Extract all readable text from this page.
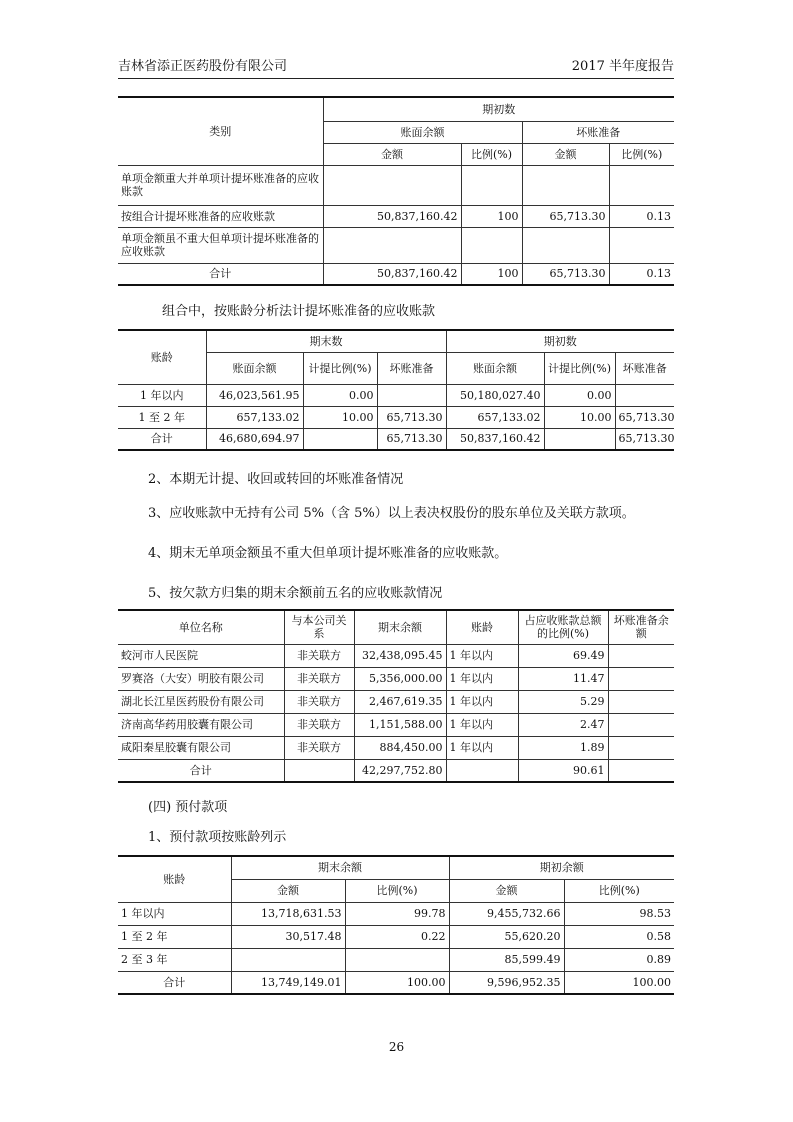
吉林省添正医药股份有限公司	2017 半年度报告
类别	期初数			
	账面余额		坏账准备	
	金额	比例(%)	金额	比例(%)
单项金额重大并单项计提坏账准备的应收账款				
按组合计提坏账准备的应收账款	50,837,160.42	100	65,713.30	0.13
单项金额虽不重大但单项计提坏账准备的应收账款				
合计	50,837,160.42	100	65,713.30	0.13
组合中，按账龄分析法计提坏账准备的应收账款
账龄	期末数			期初数		
	账面余额	计提比例(%)	坏账准备	账面余额	计提比例(%)	坏账准备
1 年以内	46,023,561.95	0.00		50,180,027.40	0.00	
1 至 2 年	657,133.02	10.00	65,713.30	657,133.02	10.00	65,713.30
合计	46,680,694.97		65,713.30	50,837,160.42		65,713.30
2、本期无计提、收回或转回的坏账准备情况
3、应收账款中无持有公司 5%（含 5%）以上表决权股份的股东单位及关联方款项。
4、期末无单项金额虽不重大但单项计提坏账准备的应收账款。
5、按欠款方归集的期末余额前五名的应收账款情况
单位名称	与本公司关系	期末余额	账龄	占应收账款总额的比例(%)	坏账准备余额
蛟河市人民医院	非关联方	32,438,095.45	1 年以内	69.49	
罗赛洛（大安）明胶有限公司	非关联方	5,356,000.00	1 年以内	11.47	
湖北长江星医药股份有限公司	非关联方	2,467,619.35	1 年以内	5.29	
济南高华药用胶囊有限公司	非关联方	1,151,588.00	1 年以内	2.47	
咸阳秦星胶囊有限公司	非关联方	884,450.00	1 年以内	1.89	
合计		42,297,752.80		90.61	
(四) 预付款项
1、预付款项按账龄列示
账龄	期末余额		期初余额	
	金额	比例(%)	金额	比例(%)
1 年以内	13,718,631.53	99.78	9,455,732.66	98.53
1 至 2 年	30,517.48	0.22	55,620.20	0.58
2 至 3 年			85,599.49	0.89
合计	13,749,149.01	100.00	9,596,952.35	100.00
26
